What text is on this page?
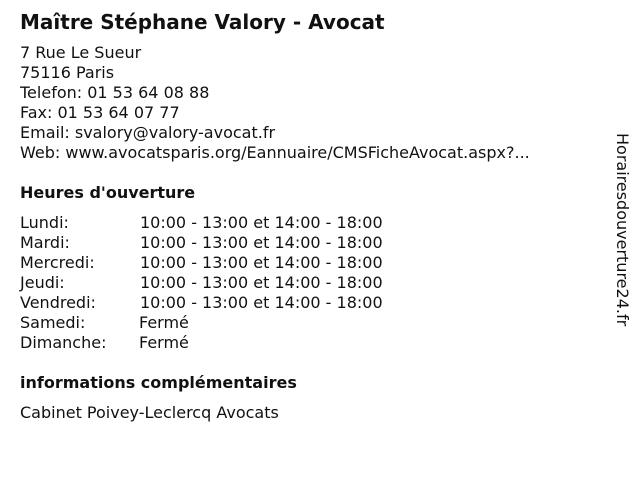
Maître Stéphane Valory - Avocat
7 Rue Le Sueur
75116 Paris
Telefon: 01 53 64 08 88
Fax: 01 53 64 07 77
Email: svalory@valory-avocat.fr
Web: www.avocatsparis.org/Eannuaire/CMSFicheAvocat.aspx?...
Heures d'ouverture
Lundi:	10:00 - 13:00 et 14:00 - 18:00
Mardi:	10:00 - 13:00 et 14:00 - 18:00
Mercredi:	10:00 - 13:00 et 14:00 - 18:00
Jeudi:	10:00 - 13:00 et 14:00 - 18:00
Vendredi:	10:00 - 13:00 et 14:00 - 18:00
Samedi:	Fermé
Dimanche:	Fermé
informations complémentaires
Cabinet Poivey-Leclercq Avocats
Horairesdouverture24.fr
